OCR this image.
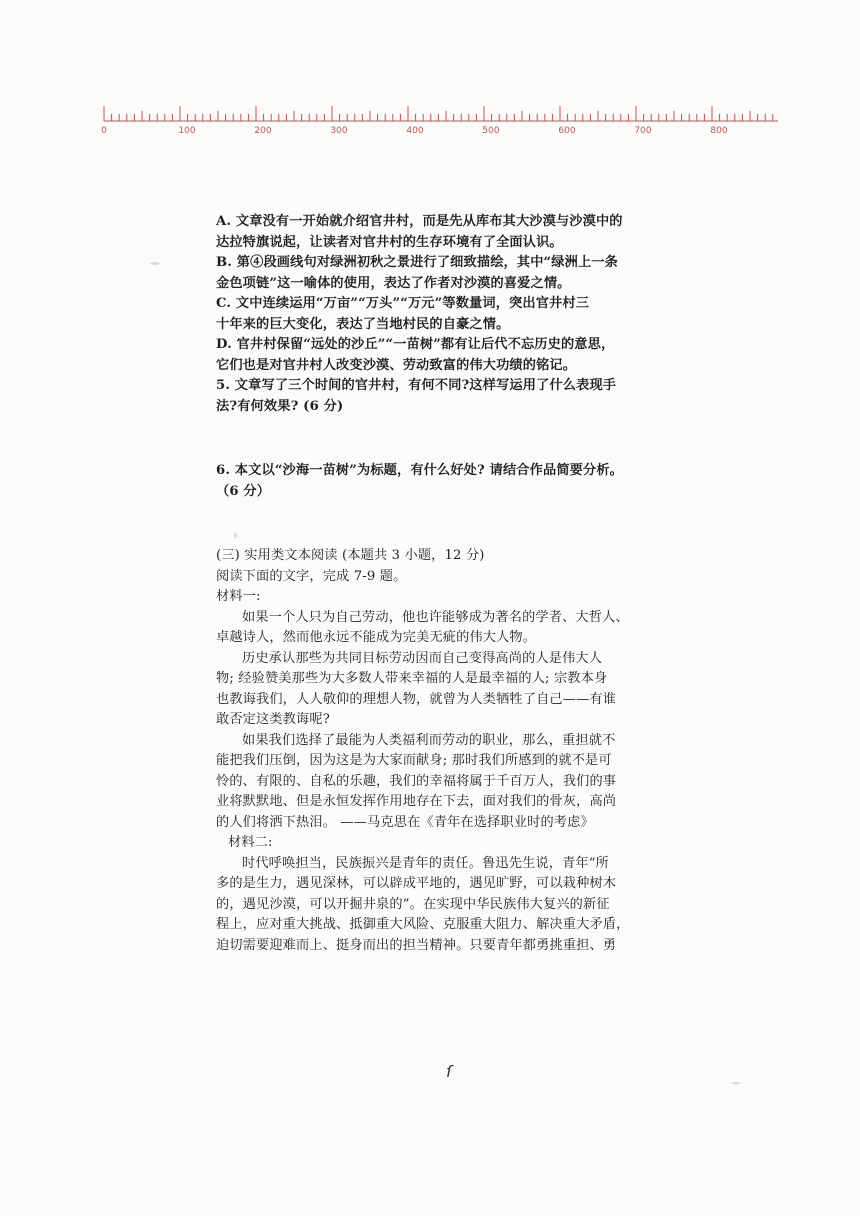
0	100	200	300	400	500	600	700	800
A. 文章没有一开始就介绍官井村，而是先从库布其大沙漠与沙漠中的
达拉特旗说起，让读者对官井村的生存环境有了全面认识。
B. 第④段画线句对绿洲初秋之景进行了细致描绘，其中“绿洲上一条
金色项链”这一喻体的使用，表达了作者对沙漠的喜爱之情。
C. 文中连续运用“万亩”“万头”“万元”等数量词，突出官井村三
十年来的巨大变化，表达了当地村民的自豪之情。
D. 官井村保留“远处的沙丘”“一苗树”都有让后代不忘历史的意思，
它们也是对官井村人改变沙漠、劳动致富的伟大功绩的铭记。
5. 文章写了三个时间的官井村，有何不同?这样写运用了什么表现手
法?有何效果? (6 分)
6. 本文以“沙海一苗树”为标题，有什么好处? 请结合作品简要分析。
（6 分）
(三) 实用类文本阅读 (本题共 3 小题，12 分)
阅读下面的文字，完成 7-9 题。
材料一:
如果一个人只为自己劳动，他也许能够成为著名的学者、大哲人、
卓越诗人，然而他永远不能成为完美无疵的伟大人物。
历史承认那些为共同目标劳动因而自己变得高尚的人是伟大人
物; 经验赞美那些为大多数人带来幸福的人是最幸福的人; 宗教本身
也教诲我们，人人敬仰的理想人物，就曾为人类牺牲了自己——有谁
敢否定这类教诲呢?
如果我们选择了最能为人类福利而劳动的职业，那么，重担就不
能把我们压倒，因为这是为大家而献身; 那时我们所感到的就不是可
怜的、有限的、自私的乐趣，我们的幸福将属于千百万人，我们的事
业将默默地、但是永恒发挥作用地存在下去，面对我们的骨灰，高尚
的人们将洒下热泪。 ——马克思在《青年在选择职业时的考虑》
材料二:
时代呼唤担当，民族振兴是青年的责任。鲁迅先生说，青年“所
多的是生力，遇见深林，可以辟成平地的，遇见旷野，可以栽种树木
的，遇见沙漠，可以开掘井泉的”。在实现中华民族伟大复兴的新征
程上，应对重大挑战、抵御重大风险、克服重大阻力、解决重大矛盾，
迫切需要迎难而上、挺身而出的担当精神。只要青年都勇挑重担、勇
ſ
